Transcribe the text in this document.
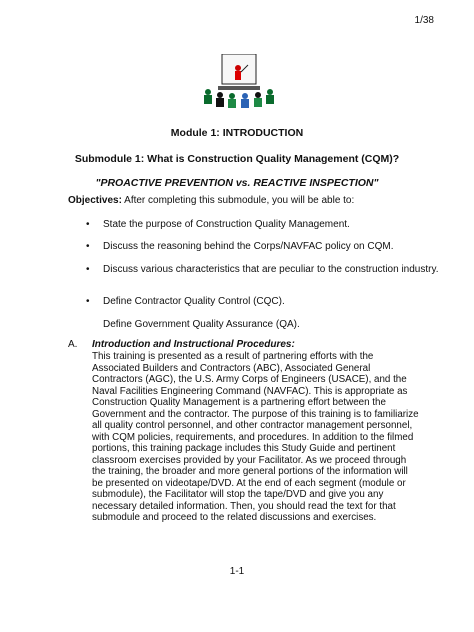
1/38
Module 1: INTRODUCTION
Submodule 1: What is Construction Quality Management (CQM)?
"PROACTIVE PREVENTION vs. REACTIVE INSPECTION"
Objectives: After completing this submodule, you will be able to:
• State the purpose of Construction Quality Management.
• Discuss the reasoning behind the Corps/NAVFAC policy on CQM.
• Discuss various characteristics that are peculiar to the construction industry.
• Define Contractor Quality Control (CQC).
Define Government Quality Assurance (QA).
A. Introduction and Instructional Procedures:
This training is presented as a result of partnering efforts with the
Associated Builders and Contractors (ABC), Associated General
Contractors (AGC), the U.S. Army Corps of Engineers (USACE), and the
Naval Facilities Engineering Command (NAVFAC). This is appropriate as
Construction Quality Management is a partnering effort between the
Government and the contractor. The purpose of this training is to familiarize
all quality control personnel, and other contractor management personnel,
with CQM policies, requirements, and procedures. In addition to the filmed
portions, this training package includes this Study Guide and pertinent
classroom exercises provided by your Facilitator. As we proceed through
the training, the broader and more general portions of the information will
be presented on videotape/DVD. At the end of each segment (module or
submodule), the Facilitator will stop the tape/DVD and give you any
necessary detailed information. Then, you should read the text for that
submodule and proceed to the related discussions and exercises.
1-1
